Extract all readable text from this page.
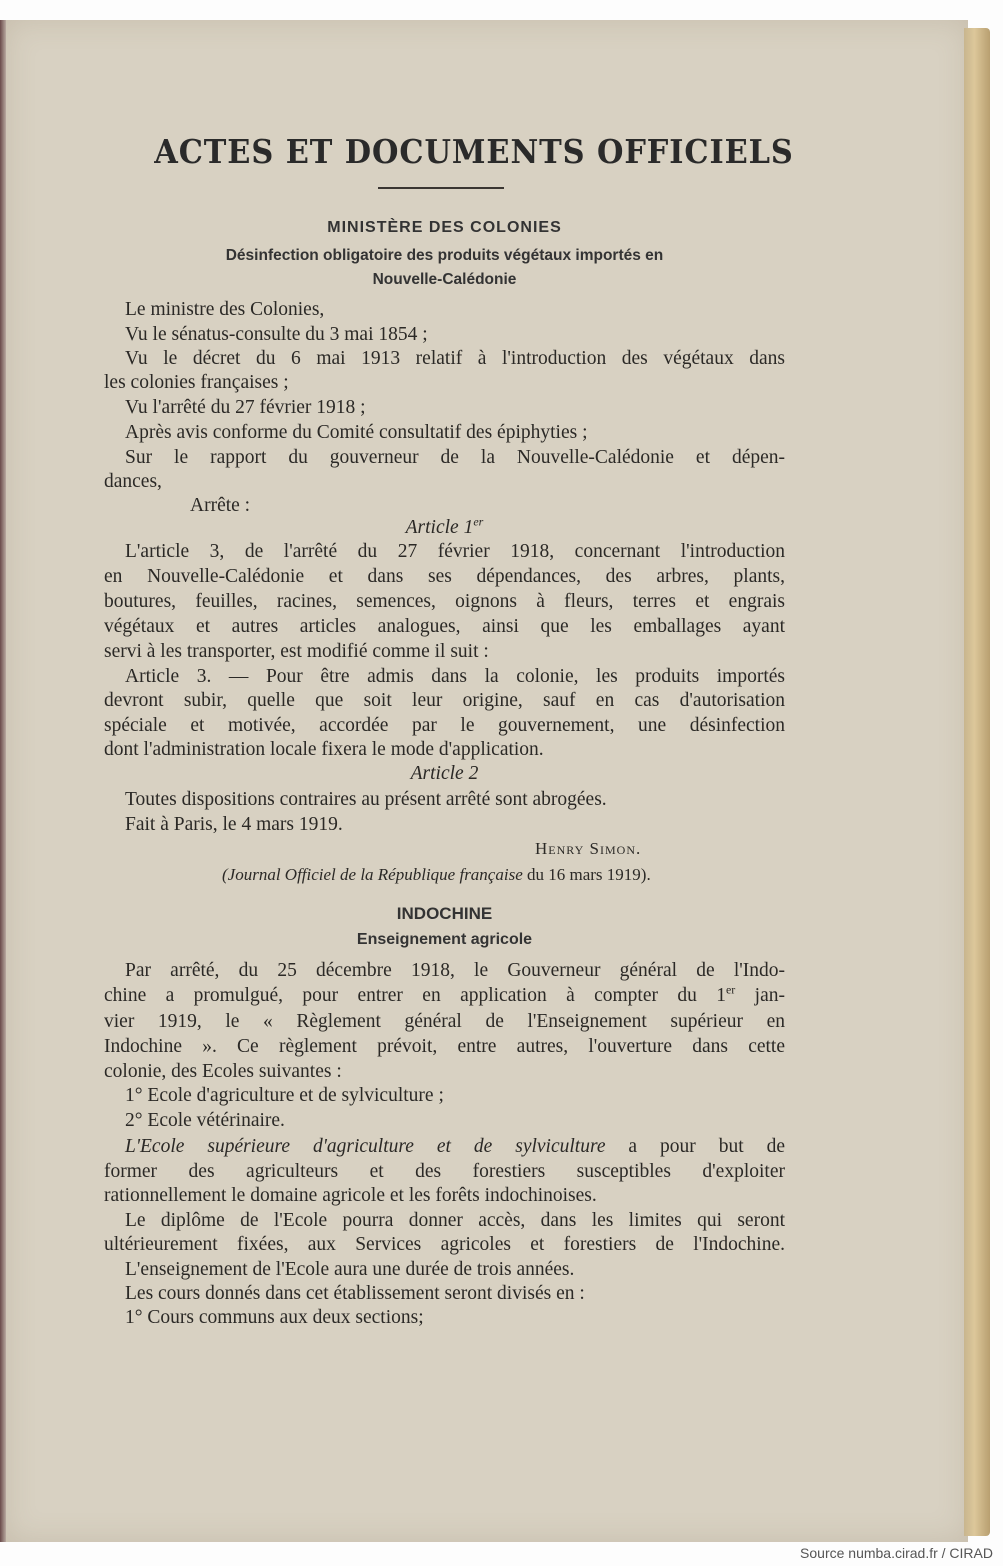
ACTES ET DOCUMENTS OFFICIELS
MINISTÈRE DES COLONIES
Désinfection obligatoire des produits végétaux importés en
Nouvelle-Calédonie
Le ministre des Colonies,
Vu le sénatus-consulte du 3 mai 1854 ;
Vu le décret du 6 mai 1913 relatif à l'introduction des végétaux dans
les colonies françaises ;
Vu l'arrêté du 27 février 1918 ;
Après avis conforme du Comité consultatif des épiphyties ;
Sur le rapport du gouverneur de la Nouvelle-Calédonie et dépen-
dances,
Arrête :
Article 1er
L'article 3, de l'arrêté du 27 février 1918, concernant l'introduction
en Nouvelle-Calédonie et dans ses dépendances, des arbres, plants,
boutures, feuilles, racines, semences, oignons à fleurs, terres et engrais
végétaux et autres articles analogues, ainsi que les emballages ayant
servi à les transporter, est modifié comme il suit :
Article 3. — Pour être admis dans la colonie, les produits importés
devront subir, quelle que soit leur origine, sauf en cas d'autorisation
spéciale et motivée, accordée par le gouvernement, une désinfection
dont l'administration locale fixera le mode d'application.
Article 2
Toutes dispositions contraires au présent arrêté sont abrogées.
Fait à Paris, le 4 mars 1919.
Henry Simon.
(Journal Officiel de la République française du 16 mars 1919).
INDOCHINE
Enseignement agricole
Par arrêté, du 25 décembre 1918, le Gouverneur général de l'Indo-
chine a promulgué, pour entrer en application à compter du 1er jan-
vier 1919, le « Règlement général de l'Enseignement supérieur en
Indochine ». Ce règlement prévoit, entre autres, l'ouverture dans cette
colonie, des Ecoles suivantes :
1° Ecole d'agriculture et de sylviculture ;
2° Ecole vétérinaire.
L'Ecole supérieure d'agriculture et de sylviculture a pour but de
former des agriculteurs et des forestiers susceptibles d'exploiter
rationnellement le domaine agricole et les forêts indochinoises.
Le diplôme de l'Ecole pourra donner accès, dans les limites qui seront
ultérieurement fixées, aux Services agricoles et forestiers de l'Indochine.
L'enseignement de l'Ecole aura une durée de trois années.
Les cours donnés dans cet établissement seront divisés en :
1° Cours communs aux deux sections;
Source numba.cirad.fr / CIRAD
